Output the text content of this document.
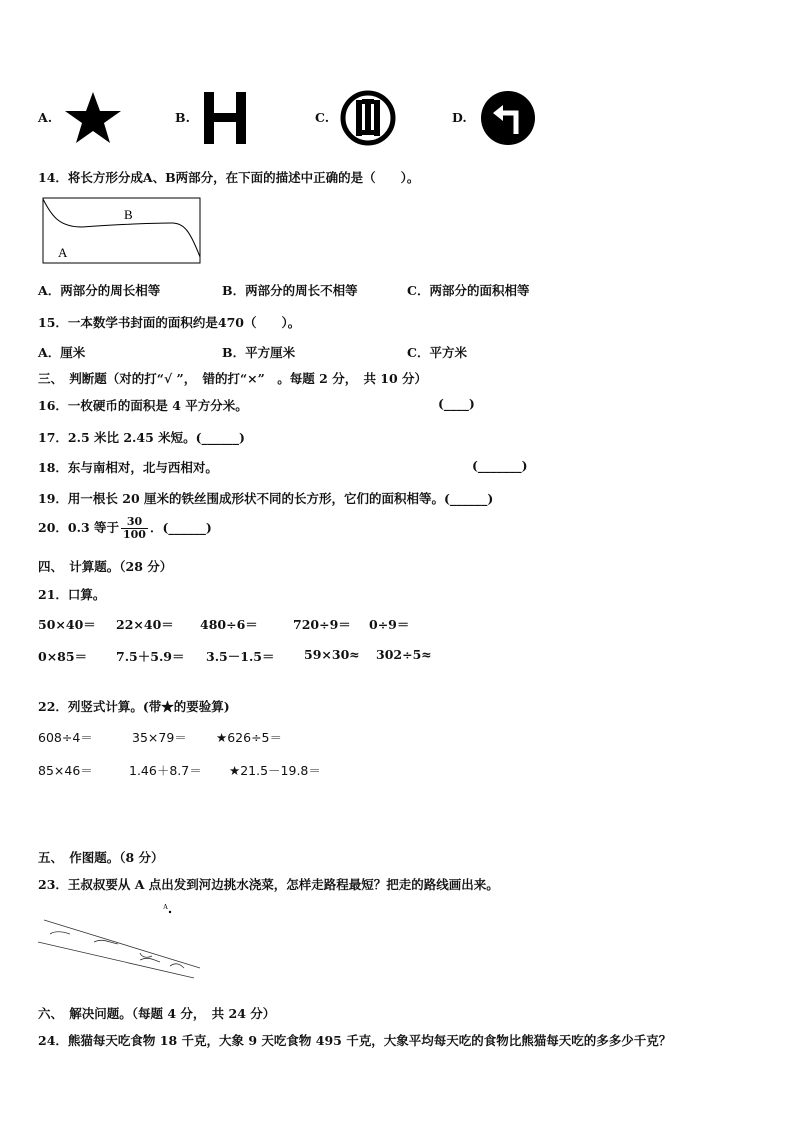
A.	B.	C.	D.
14．将长方形分成A、B两部分，在下面的描述中正确的是（　　）。
B
A
A．两部分的周长相等	B．两部分的周长不相等	C．两部分的面积相等
15．一本数学书封面的面积约是470（　　）。
A．厘米	B．平方厘米	C．平方米
三、　判断题（对的打“√ ”，　错的打“×”　。每题 2 分，　共 10 分）
16．一枚硬币的面积是 4 平方分米。	(____)
17．2.5 米比 2.45 米短。(______)
18．东与南相对，北与西相对。	(_______)
19．用一根长 20 厘米的铁丝围成形状不同的长方形，它们的面积相等。(______)
20．0.3 等于 $\frac{30}{100}$ ．(______)
四、　计算题。（28 分）
21．口算。
50×40＝ 22×40＝ 480÷6＝	720÷9＝ 0÷9＝
0×85＝ 7.5＋5.9＝ 3.5－1.5＝ 59×30≈ 302÷5≈
22．列竖式计算。(带★的要验算)
608÷4＝	35×79＝ ★626÷5＝
85×46＝	1.46＋8.7＝ ★21.5－19.8＝
五、　作图题。（8 分）
23．王叔叔要从 A 点出发到河边挑水浇菜，怎样走路程最短？把走的路线画出来。
A
六、　解决问题。（每题 4 分，　共 24 分）
24．熊猫每天吃食物 18 千克，大象 9 天吃食物 495 千克，大象平均每天吃的食物比熊猫每天吃的多多少千克？
